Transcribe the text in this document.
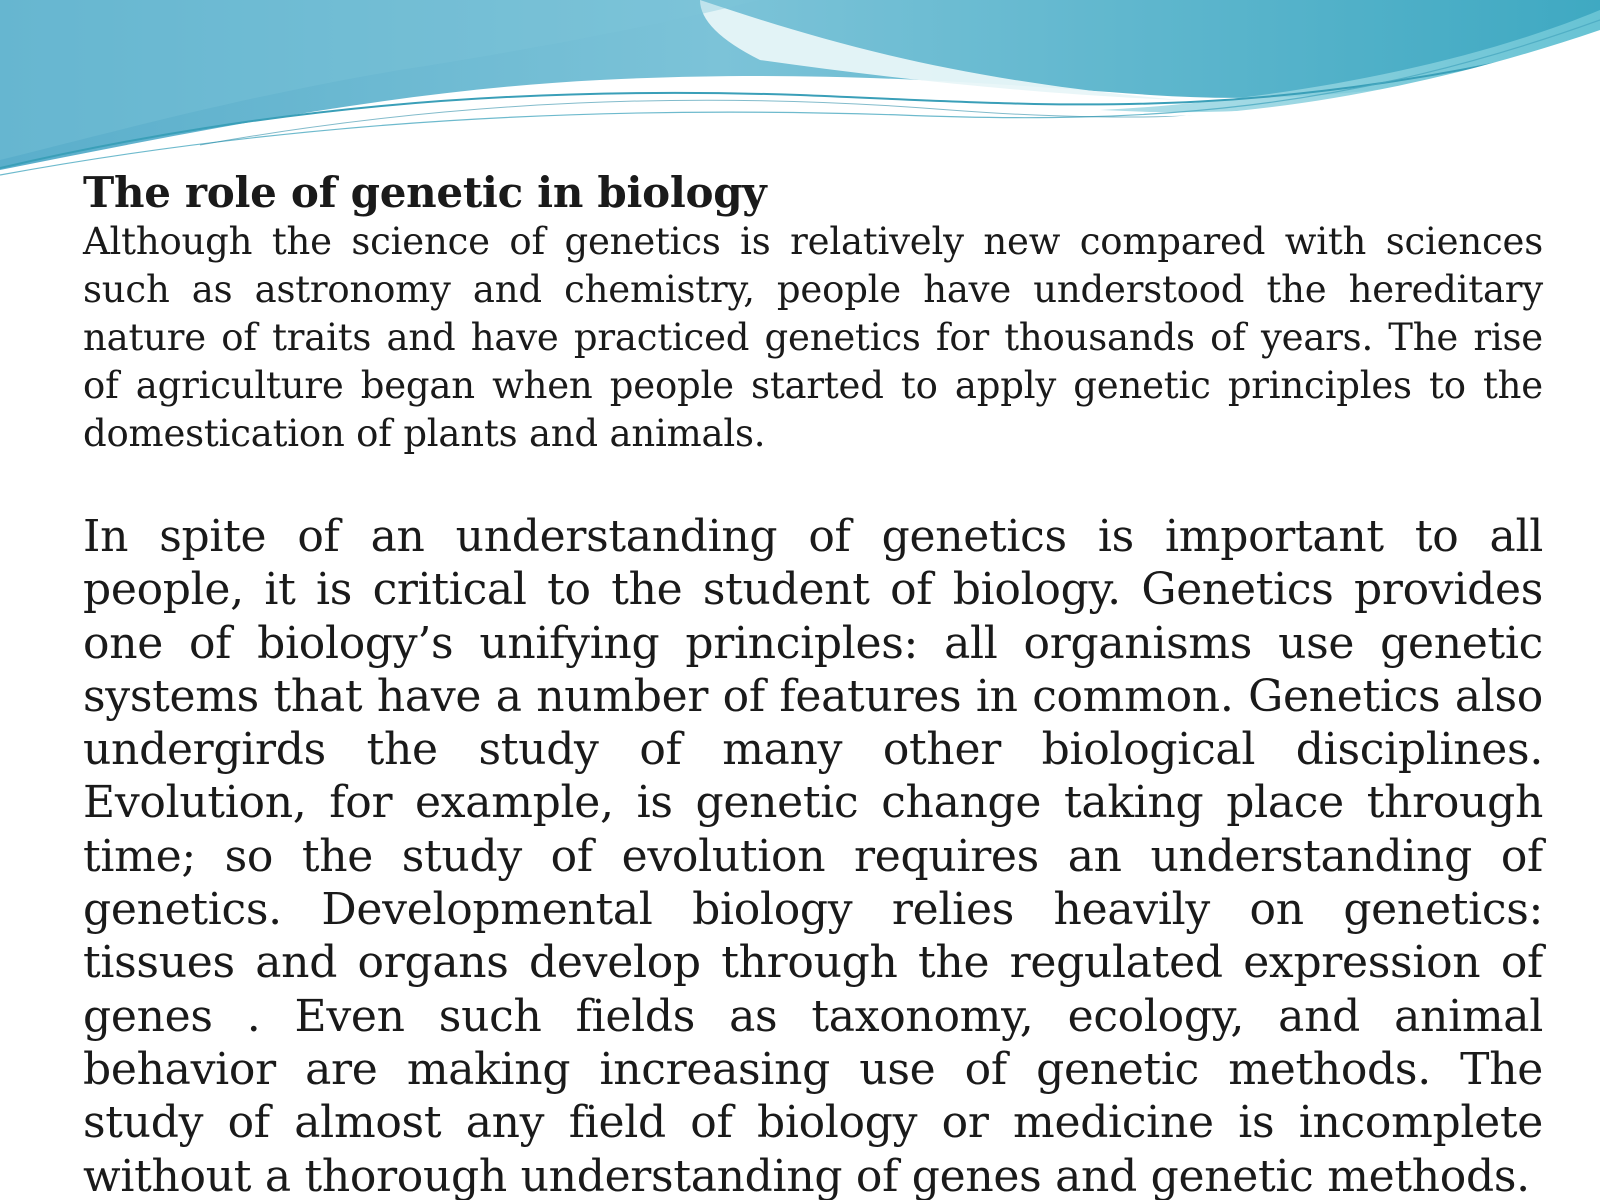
The role of genetic in biology

Although the science of genetics is relatively new compared with sciences such as astronomy and chemistry, people have understood the hereditary nature of traits and have practiced genetics for thousands of years. The rise of agriculture began when people started to apply genetic principles to the domestication of plants and animals.

In spite of an understanding of genetics is important to all people, it is critical to the student of biology. Genetics provides one of biology’s unifying principles: all organisms use genetic systems that have a number of features in common. Genetics also undergirds the study of many other biological disciplines. Evolution, for example, is genetic change taking place through time; so the study of evolution requires an understanding of genetics. Developmental biology relies heavily on genetics: tissues and organs develop through the regulated expression of genes . Even such fields as taxonomy, ecology, and animal behavior are making increasing use of genetic methods. The study of almost any field of biology or medicine is incomplete without a thorough understanding of genes and genetic methods.
